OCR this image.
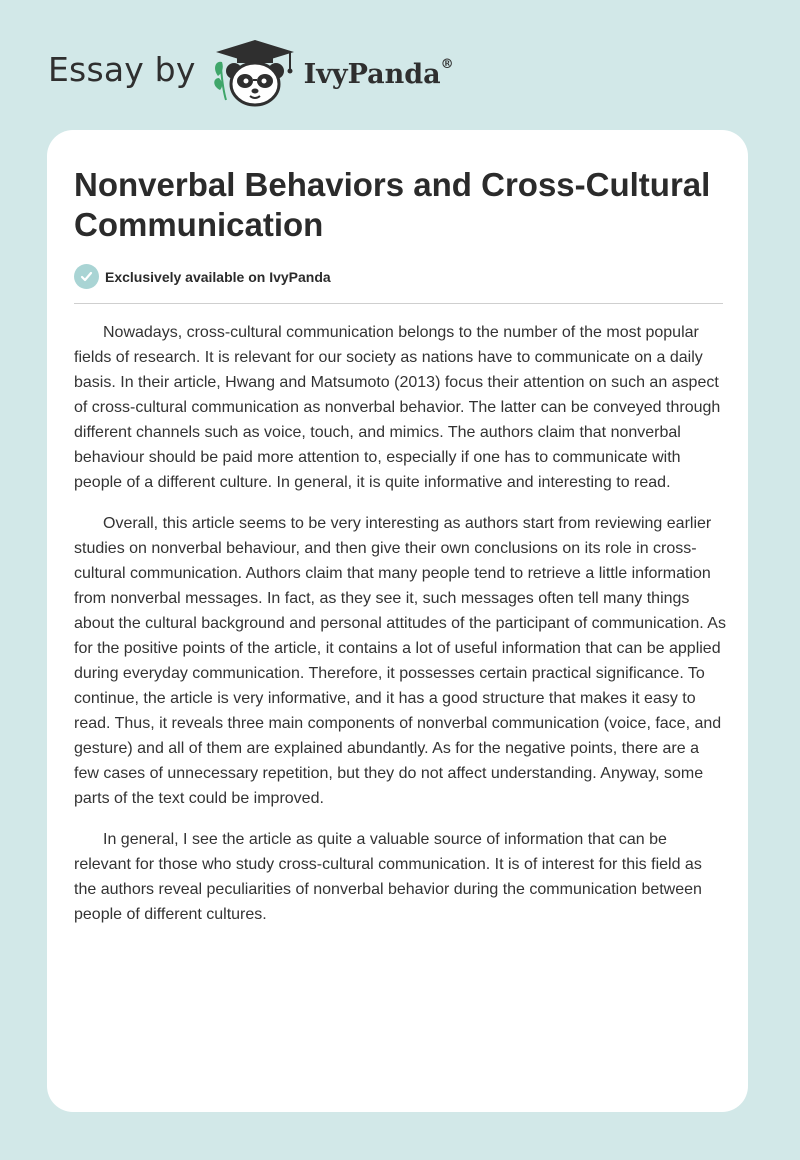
Essay by	IvyPanda®
Nonverbal Behaviors and Cross-Cultural Communication
Exclusively available on IvyPanda

Nowadays, cross-cultural communication belongs to the number of the most popular fields of research. It is relevant for our society as nations have to communicate on a daily basis. In their article, Hwang and Matsumoto (2013) focus their attention on such an aspect of cross-cultural communication as nonverbal behavior. The latter can be conveyed through different channels such as voice, touch, and mimics. The authors claim that nonverbal behaviour should be paid more attention to, especially if one has to communicate with people of a different culture. In general, it is quite informative and interesting to read.

Overall, this article seems to be very interesting as authors start from reviewing earlier studies on nonverbal behaviour, and then give their own conclusions on its role in cross-cultural communication. Authors claim that many people tend to retrieve a little information from nonverbal messages. In fact, as they see it, such messages often tell many things about the cultural background and personal attitudes of the participant of communication. As for the positive points of the article, it contains a lot of useful information that can be applied during everyday communication. Therefore, it possesses certain practical significance. To continue, the article is very informative, and it has a good structure that makes it easy to read. Thus, it reveals three main components of nonverbal communication (voice, face, and gesture) and all of them are explained abundantly. As for the negative points, there are a few cases of unnecessary repetition, but they do not affect understanding. Anyway, some parts of the text could be improved.

In general, I see the article as quite a valuable source of information that can be relevant for those who study cross-cultural communication. It is of interest for this field as the authors reveal peculiarities of nonverbal behavior during the communication between people of different cultures.
